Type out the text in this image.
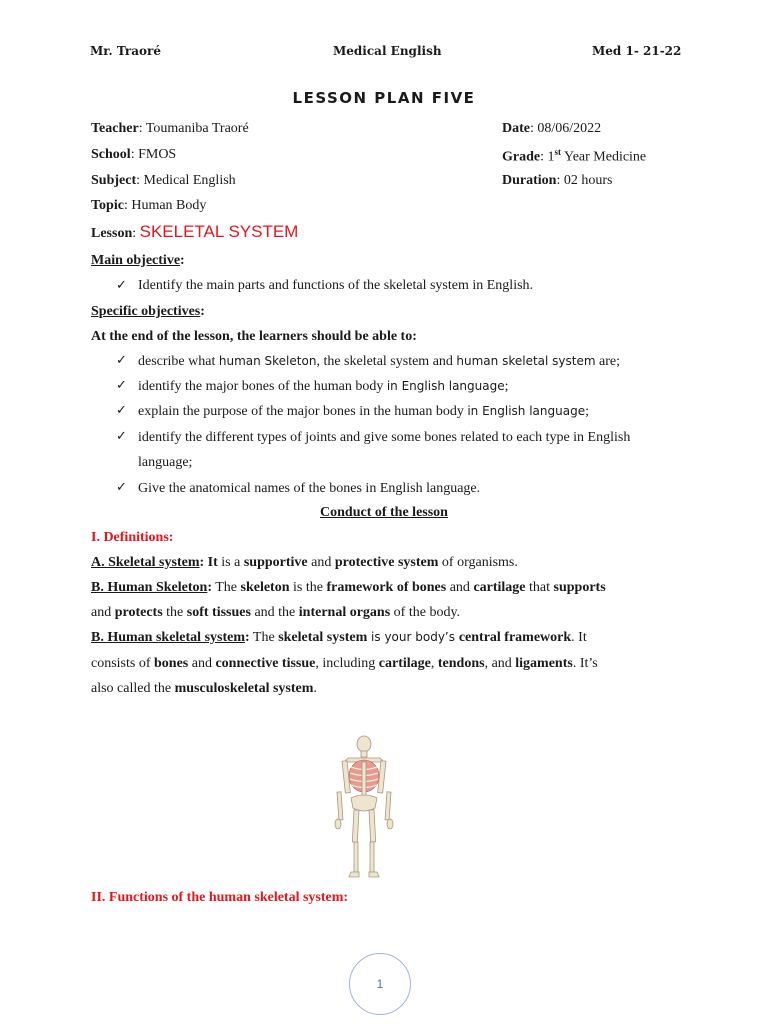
Mr. Traoré	Medical English	Med 1- 21-22
LESSON PLAN FIVE
Teacher: Toumaniba Traoré	Date: 08/06/2022
School: FMOS	Grade: 1st Year Medicine
Subject: Medical English	Duration: 02 hours
Topic: Human Body
Lesson: SKELETAL SYSTEM
Main objective:
✓ Identify the main parts and functions of the skeletal system in English.
Specific objectives:
At the end of the lesson, the learners should be able to:
✓ describe what human Skeleton, the skeletal system and human skeletal system are;
✓ identify the major bones of the human body in English language;
✓ explain the purpose of the major bones in the human body in English language;
✓ identify the different types of joints and give some bones related to each type in English
language;
✓ Give the anatomical names of the bones in English language.
Conduct of the lesson
I. Definitions:
A. Skeletal system: It is a supportive and protective system of organisms.
B. Human Skeleton: The skeleton is the framework of bones and cartilage that supports
and protects the soft tissues and the internal organs of the body.
B. Human skeletal system: The skeletal system is your body’s central framework. It
consists of bones and connective tissue, including cartilage, tendons, and ligaments. It’s
also called the musculoskeletal system.
II. Functions of the human skeletal system:
1
